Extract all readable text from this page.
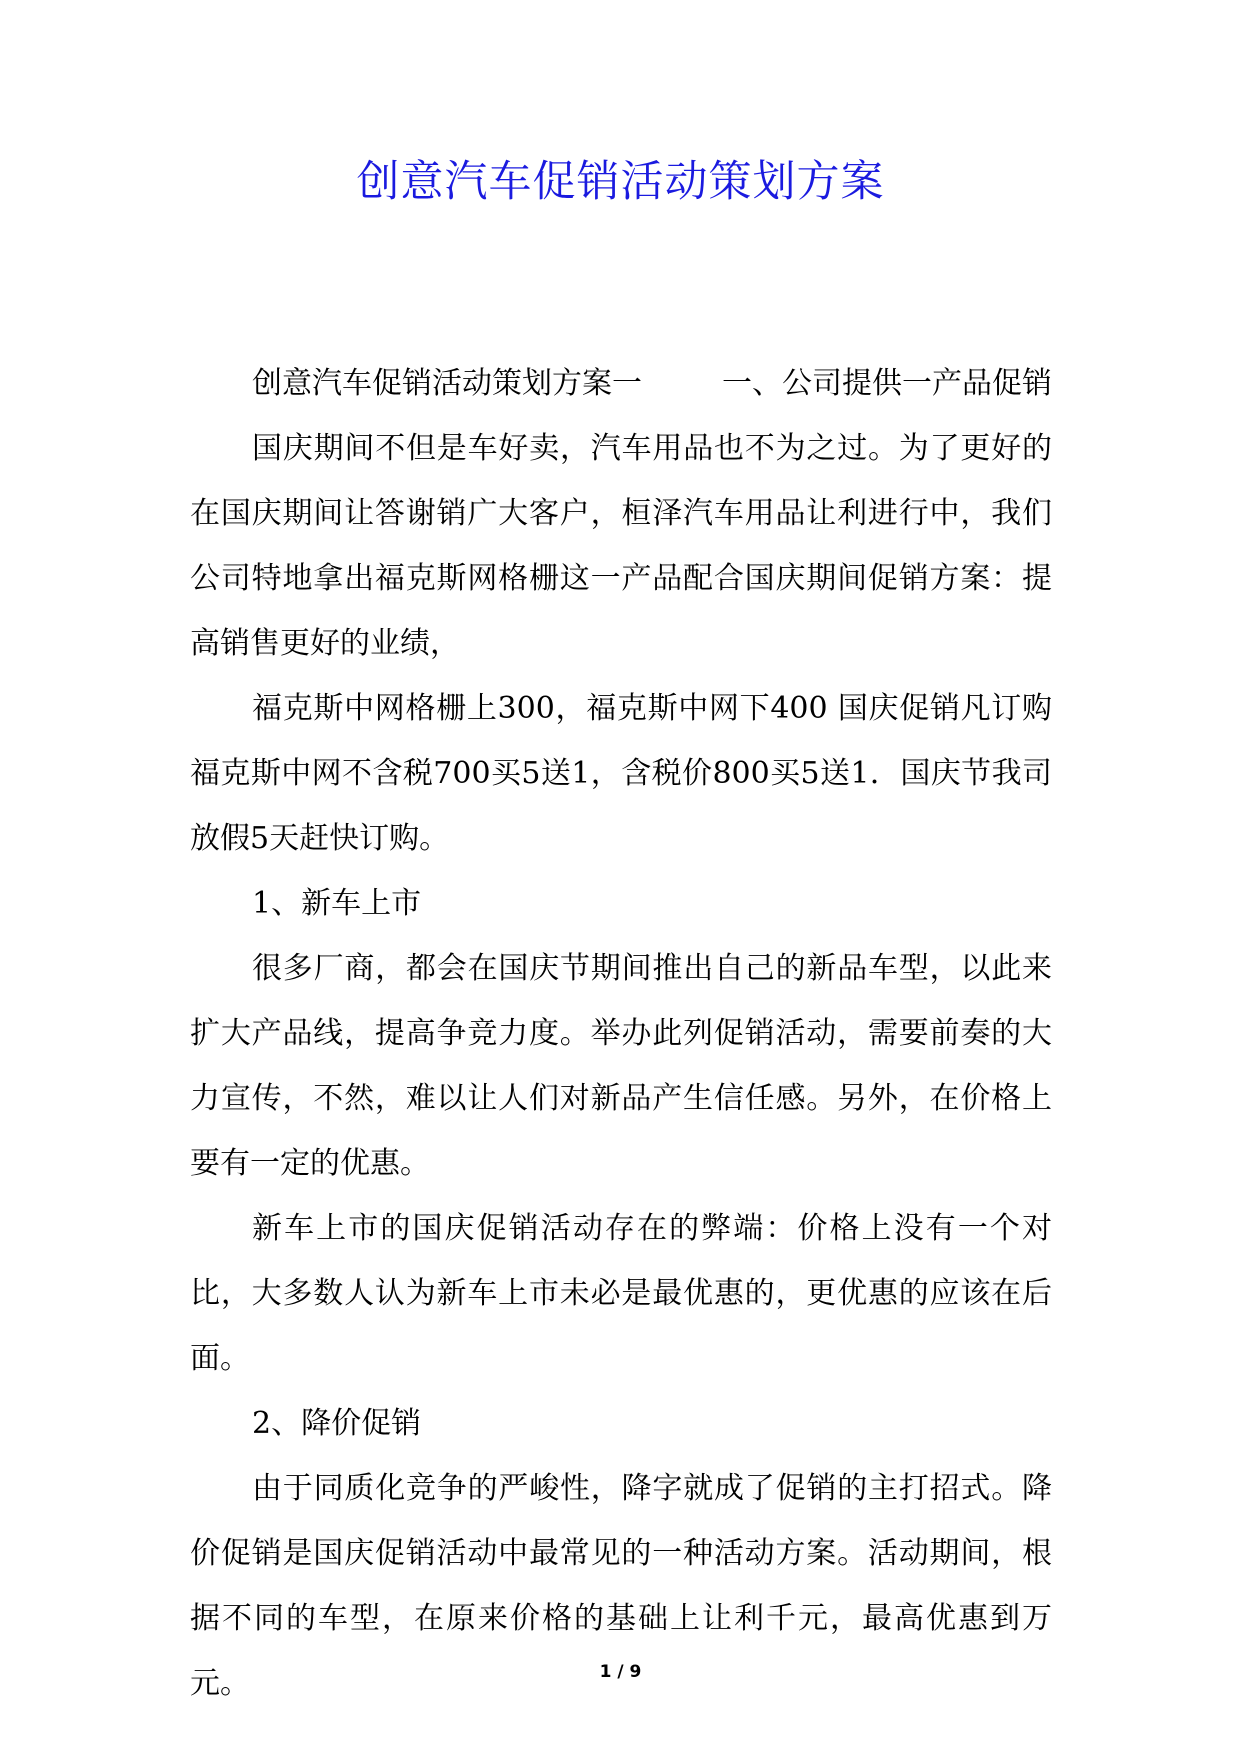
创意汽车促销活动策划方案

创意汽车促销活动策划方案一	一、公司提供一产品促销

国庆期间不但是车好卖，汽车用品也不为之过。为了更好的在国庆期间让答谢销广大客户，桓泽汽车用品让利进行中，我们公司特地拿出福克斯网格栅这一产品配合国庆期间促销方案：提高销售更好的业绩，

福克斯中网格栅上300，福克斯中网下400 国庆促销凡订购福克斯中网不含税700买5送1，含税价800买5送1．国庆节我司放假5天赶快订购。

1、新车上市

很多厂商，都会在国庆节期间推出自己的新品车型，以此来扩大产品线，提高争竞力度。举办此列促销活动，需要前奏的大力宣传，不然，难以让人们对新品产生信任感。另外，在价格上要有一定的优惠。

新车上市的国庆促销活动存在的弊端：价格上没有一个对比，大多数人认为新车上市未必是最优惠的，更优惠的应该在后面。

2、降价促销

由于同质化竞争的严峻性，降字就成了促销的主打招式。降价促销是国庆促销活动中最常见的一种活动方案。活动期间，根据不同的车型，在原来价格的基础上让利千元，最高优惠到万元。	1 / 9
